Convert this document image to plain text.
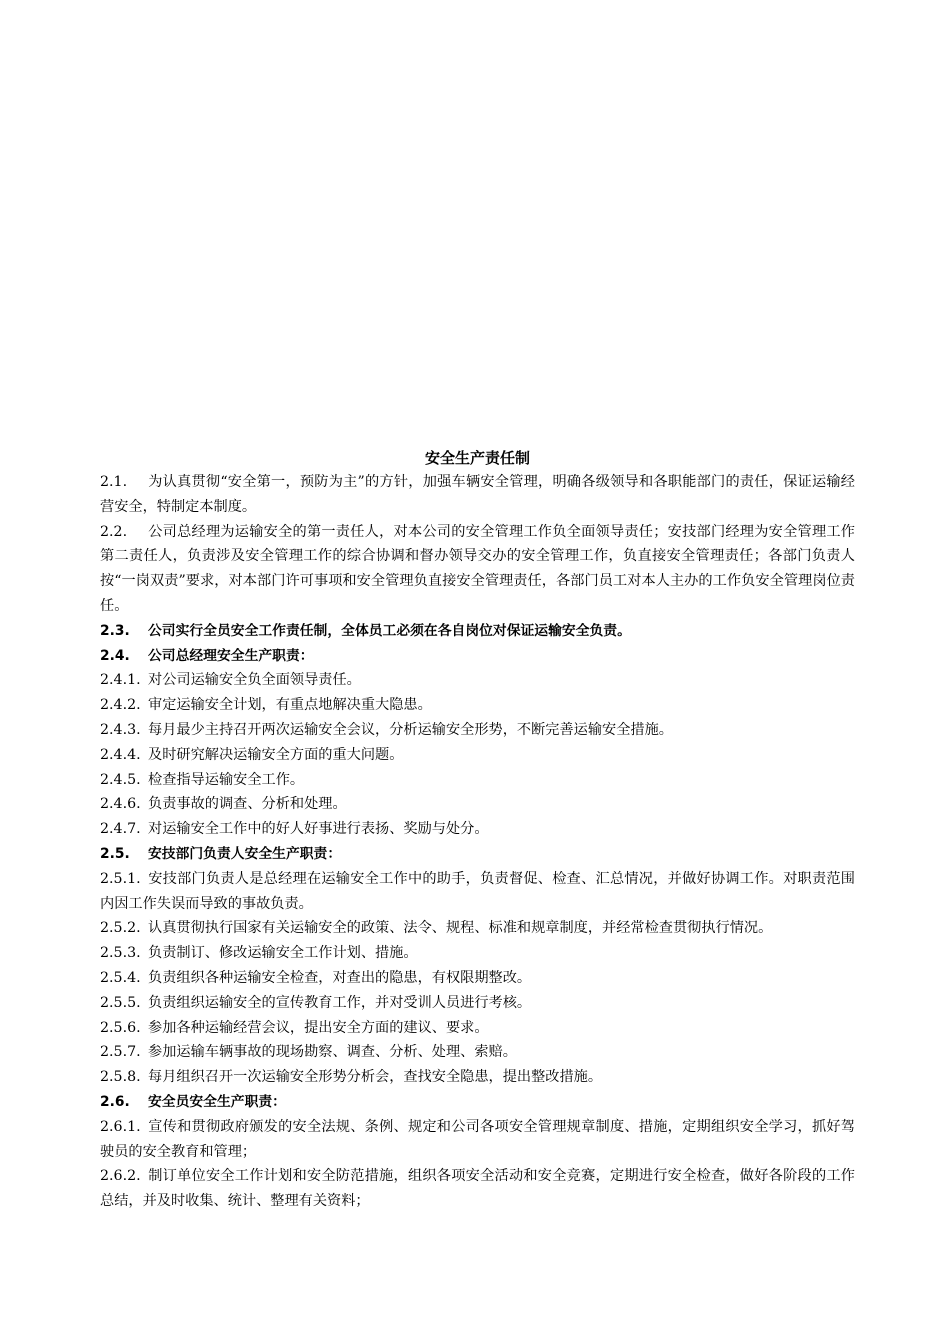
安全生产责任制

2.1. 为认真贯彻“安全第一，预防为主”的方针，加强车辆安全管理，明确各级领导和各职能部门的责任，保证运输经营安全，特制定本制度。

2.2. 公司总经理为运输安全的第一责任人，对本公司的安全管理工作负全面领导责任；安技部门经理为安全管理工作第二责任人，负责涉及安全管理工作的综合协调和督办领导交办的安全管理工作，负直接安全管理责任；各部门负责人按“一岗双责”要求，对本部门许可事项和安全管理负直接安全管理责任，各部门员工对本人主办的工作负安全管理岗位责任。

2.3. 公司实行全员安全工作责任制，全体员工必须在各自岗位对保证运输安全负责。

2.4. 公司总经理安全生产职责：

2.4.1. 对公司运输安全负全面领导责任。

2.4.2. 审定运输安全计划，有重点地解决重大隐患。

2.4.3. 每月最少主持召开两次运输安全会议，分析运输安全形势，不断完善运输安全措施。

2.4.4. 及时研究解决运输安全方面的重大问题。

2.4.5. 检查指导运输安全工作。

2.4.6. 负责事故的调查、分析和处理。

2.4.7. 对运输安全工作中的好人好事进行表扬、奖励与处分。

2.5. 安技部门负责人安全生产职责：

2.5.1. 安技部门负责人是总经理在运输安全工作中的助手，负责督促、检查、汇总情况，并做好协调工作。对职责范围内因工作失误而导致的事故负责。

2.5.2. 认真贯彻执行国家有关运输安全的政策、法令、规程、标准和规章制度，并经常检查贯彻执行情况。

2.5.3. 负责制订、修改运输安全工作计划、措施。

2.5.4. 负责组织各种运输安全检查，对查出的隐患，有权限期整改。

2.5.5. 负责组织运输安全的宣传教育工作，并对受训人员进行考核。

2.5.6. 参加各种运输经营会议，提出安全方面的建议、要求。

2.5.7. 参加运输车辆事故的现场勘察、调查、分析、处理、索赔。

2.5.8. 每月组织召开一次运输安全形势分析会，查找安全隐患，提出整改措施。

2.6. 安全员安全生产职责：

2.6.1. 宣传和贯彻政府颁发的安全法规、条例、规定和公司各项安全管理规章制度、措施，定期组织安全学习，抓好驾驶员的安全教育和管理；

2.6.2. 制订单位安全工作计划和安全防范措施，组织各项安全活动和安全竞赛，定期进行安全检查，做好各阶段的工作总结，并及时收集、统计、整理有关资料；
